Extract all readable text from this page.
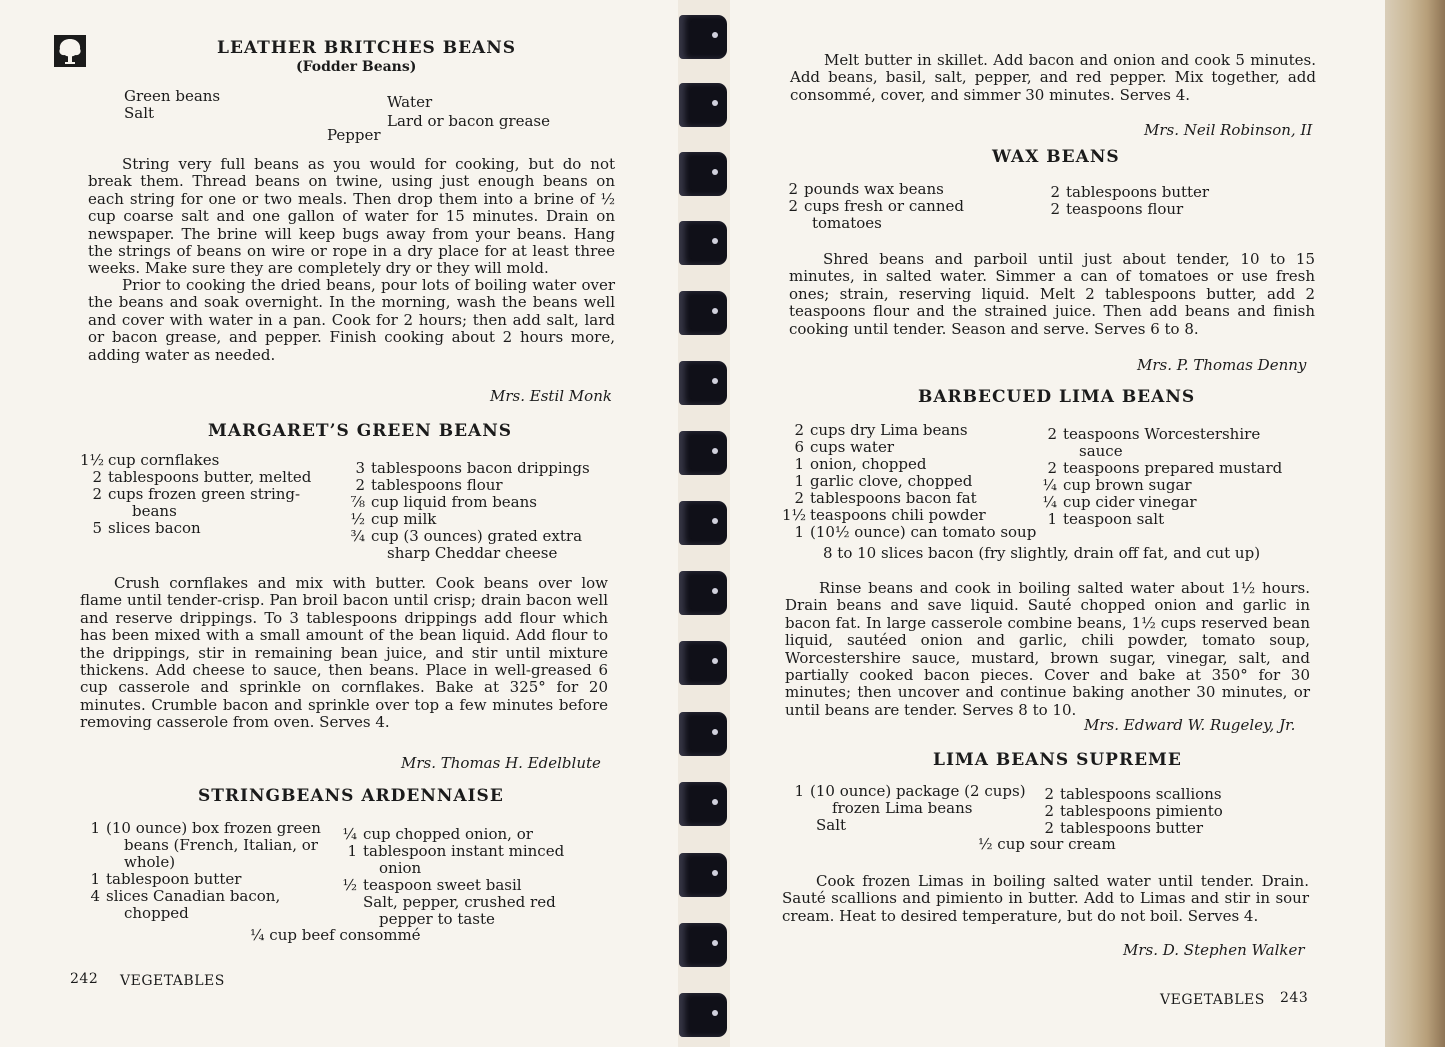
LEATHER BRITCHES BEANS
(Fodder Beans)
Green beans
Salt
Water
Lard or bacon grease
Pepper
String very full beans as you would for cooking, but do not break them. Thread beans on twine, using just enough beans on each string for one or two meals. Then drop them into a brine of ½ cup coarse salt and one gallon of water for 15 minutes. Drain on newspaper. The brine will keep bugs away from your beans. Hang the strings of beans on wire or rope in a dry place for at least three weeks. Make sure they are completely dry or they will mold.
Prior to cooking the dried beans, pour lots of boiling water over the beans and soak overnight. In the morning, wash the beans well and cover with water in a pan. Cook for 2 hours; then add salt, lard or bacon grease, and pepper. Finish cooking about 2 hours more, adding water as needed.
Mrs. Estil Monk
MARGARET’S GREEN BEANS
1½ cup cornflakes
2 tablespoons butter, melted
2 cups frozen green string-
beans
5 slices bacon
3 tablespoons bacon drippings
2 tablespoons flour
⅞ cup liquid from beans
½ cup milk
¾ cup (3 ounces) grated extra
sharp Cheddar cheese
Crush cornflakes and mix with butter. Cook beans over low flame until tender-crisp. Pan broil bacon until crisp; drain bacon well and reserve drippings. To 3 tablespoons drippings add flour which has been mixed with a small amount of the bean liquid. Add flour to the drippings, stir in remaining bean juice, and stir until mixture thickens. Add cheese to sauce, then beans. Place in well-greased 6 cup casserole and sprinkle on cornflakes. Bake at 325° for 20 minutes. Crumble bacon and sprinkle over top a few minutes before removing casserole from oven. Serves 4.
Mrs. Thomas H. Edelblute
STRINGBEANS ARDENNAISE
1 (10 ounce) box frozen green
beans (French, Italian, or
whole)
1 tablespoon butter
4 slices Canadian bacon,
chopped
¼ cup chopped onion, or
1 tablespoon instant minced
onion
½ teaspoon sweet basil
Salt, pepper, crushed red
pepper to taste
¼ cup beef consommé
242 VEGETABLES
Melt butter in skillet. Add bacon and onion and cook 5 minutes. Add beans, basil, salt, pepper, and red pepper. Mix together, add consommé, cover, and simmer 30 minutes. Serves 4.
Mrs. Neil Robinson, II
WAX BEANS
2 pounds wax beans
2 cups fresh or canned
tomatoes
2 tablespoons butter
2 teaspoons flour
Shred beans and parboil until just about tender, 10 to 15 minutes, in salted water. Simmer a can of tomatoes or use fresh ones; strain, reserving liquid. Melt 2 tablespoons butter, add 2 teaspoons flour and the strained juice. Then add beans and finish cooking until tender. Season and serve. Serves 6 to 8.
Mrs. P. Thomas Denny
BARBECUED LIMA BEANS
2 cups dry Lima beans
6 cups water
1 onion, chopped
1 garlic clove, chopped
2 tablespoons bacon fat
1½ teaspoons chili powder
1 (10½ ounce) can tomato soup
2 teaspoons Worcestershire
sauce
2 teaspoons prepared mustard
¼ cup brown sugar
¼ cup cider vinegar
1 teaspoon salt
8 to 10 slices bacon (fry slightly, drain off fat, and cut up)
Rinse beans and cook in boiling salted water about 1½ hours. Drain beans and save liquid. Sauté chopped onion and garlic in bacon fat. In large casserole combine beans, 1½ cups reserved bean liquid, sautéed onion and garlic, chili powder, tomato soup, Worcestershire sauce, mustard, brown sugar, vinegar, salt, and partially cooked bacon pieces. Cover and bake at 350° for 30 minutes; then uncover and continue baking another 30 minutes, or until beans are tender. Serves 8 to 10.
Mrs. Edward W. Rugeley, Jr.
LIMA BEANS SUPREME
1 (10 ounce) package (2 cups)
frozen Lima beans
Salt
2 tablespoons scallions
2 tablespoons pimiento
2 tablespoons butter
½ cup sour cream
Cook frozen Limas in boiling salted water until tender. Drain. Sauté scallions and pimiento in butter. Add to Limas and stir in sour cream. Heat to desired temperature, but do not boil. Serves 4.
Mrs. D. Stephen Walker
VEGETABLES 243
